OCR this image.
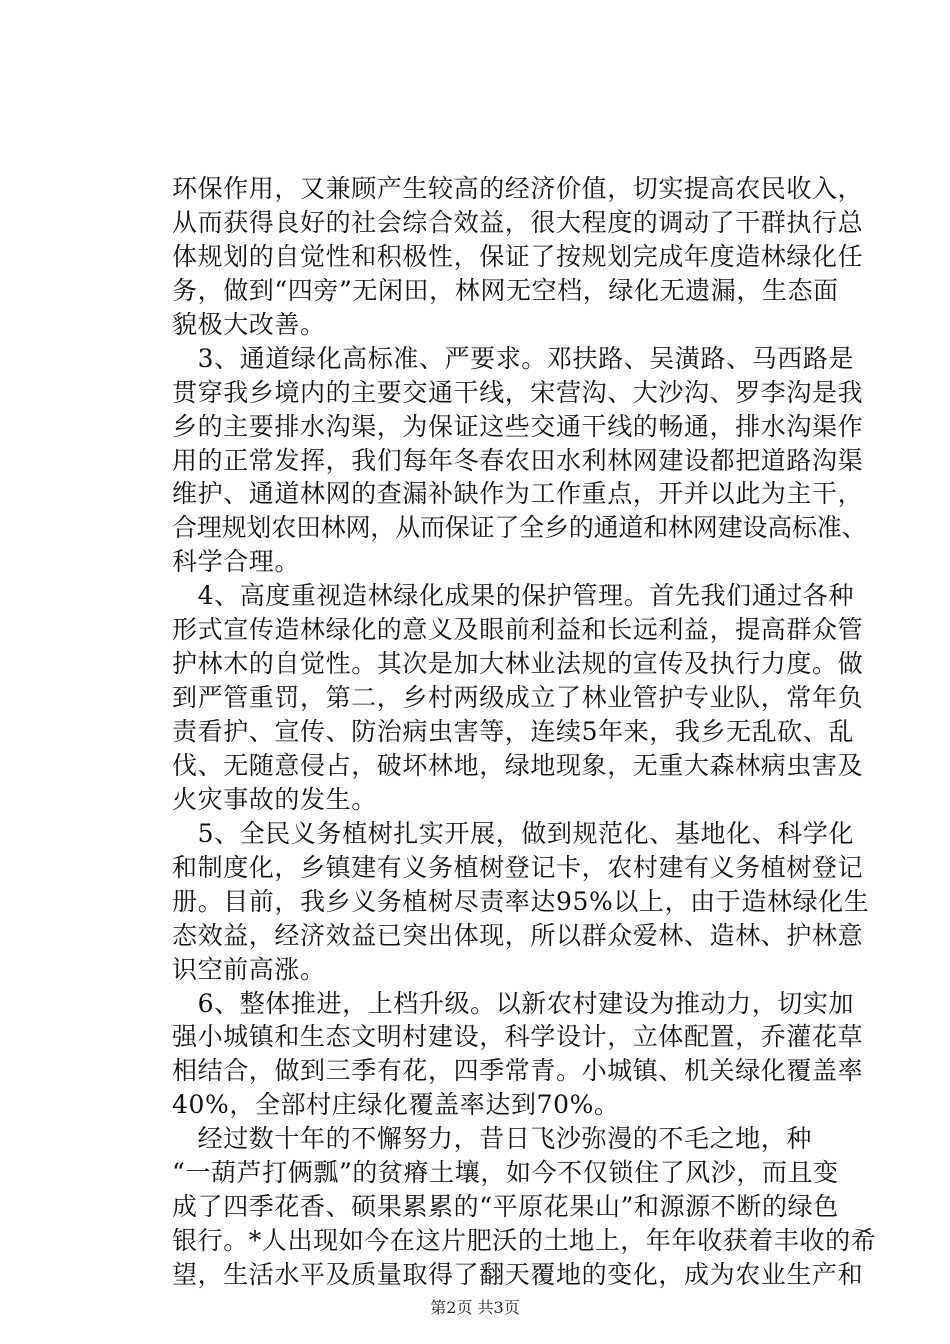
环保作用，又兼顾产生较高的经济价值，切实提高农民收入，
从而获得良好的社会综合效益，很大程度的调动了干群执行总
体规划的自觉性和积极性，保证了按规划完成年度造林绿化任
务，做到“四旁”无闲田，林网无空档，绿化无遗漏，生态面
貌极大改善。
　3、通道绿化高标准、严要求。邓扶路、吴潢路、马西路是
贯穿我乡境内的主要交通干线，宋营沟、大沙沟、罗李沟是我
乡的主要排水沟渠，为保证这些交通干线的畅通，排水沟渠作
用的正常发挥，我们每年冬春农田水利林网建设都把道路沟渠
维护、通道林网的查漏补缺作为工作重点，开并以此为主干，
合理规划农田林网，从而保证了全乡的通道和林网建设高标准、
科学合理。
　4、高度重视造林绿化成果的保护管理。首先我们通过各种
形式宣传造林绿化的意义及眼前利益和长远利益，提高群众管
护林木的自觉性。其次是加大林业法规的宣传及执行力度。做
到严管重罚，第二，乡村两级成立了林业管护专业队，常年负
责看护、宣传、防治病虫害等，连续5年来，我乡无乱砍、乱
伐、无随意侵占，破坏林地，绿地现象，无重大森林病虫害及
火灾事故的发生。
　5、全民义务植树扎实开展，做到规范化、基地化、科学化
和制度化，乡镇建有义务植树登记卡，农村建有义务植树登记
册。目前，我乡义务植树尽责率达95%以上，由于造林绿化生
态效益，经济效益已突出体现，所以群众爱林、造林、护林意
识空前高涨。
　6、整体推进，上档升级。以新农村建设为推动力，切实加
强小城镇和生态文明村建设，科学设计，立体配置，乔灌花草
相结合，做到三季有花，四季常青。小城镇、机关绿化覆盖率
40%，全部村庄绿化覆盖率达到70%。
　经过数十年的不懈努力，昔日飞沙弥漫的不毛之地，种
“一葫芦打俩瓢”的贫瘠土壤，如今不仅锁住了风沙，而且变
成了四季花香、硕果累累的“平原花果山”和源源不断的绿色
银行。*人出现如今在这片肥沃的土地上，年年收获着丰收的希
望，生活水平及质量取得了翻天覆地的变化，成为农业生产和
第2页 共3页
